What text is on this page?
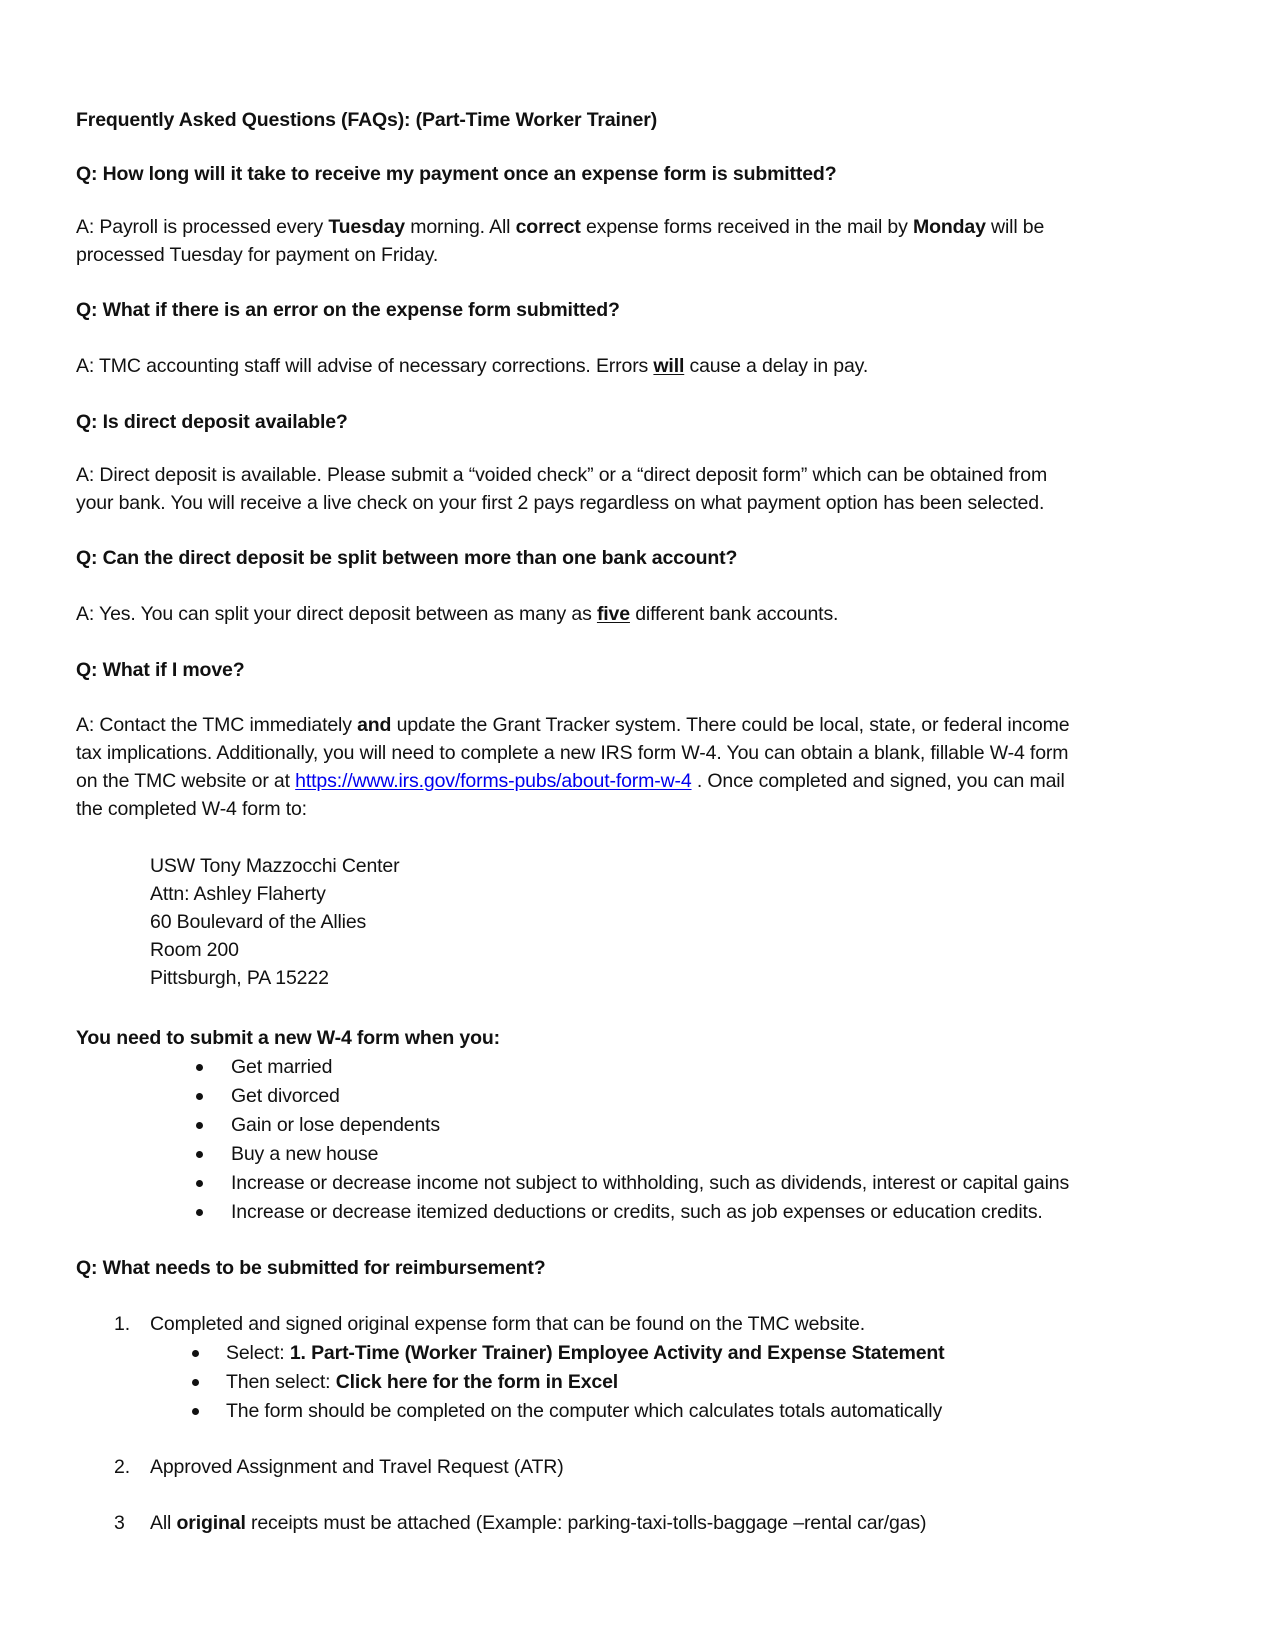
Frequently Asked Questions (FAQs): (Part-Time Worker Trainer)
Q: How long will it take to receive my payment once an expense form is submitted?
A: Payroll is processed every Tuesday morning. All correct expense forms received in the mail by Monday will be
processed Tuesday for payment on Friday.
Q: What if there is an error on the expense form submitted?
A: TMC accounting staff will advise of necessary corrections. Errors will cause a delay in pay.
Q: Is direct deposit available?
A: Direct deposit is available. Please submit a “voided check” or a “direct deposit form” which can be obtained from
your bank. You will receive a live check on your first 2 pays regardless on what payment option has been selected.
Q: Can the direct deposit be split between more than one bank account?
A: Yes. You can split your direct deposit between as many as five different bank accounts.
Q: What if I move?
A: Contact the TMC immediately and update the Grant Tracker system. There could be local, state, or federal income
tax implications. Additionally, you will need to complete a new IRS form W-4. You can obtain a blank, fillable W-4 form
on the TMC website or at https://www.irs.gov/forms-pubs/about-form-w-4 . Once completed and signed, you can mail
the completed W-4 form to:
USW Tony Mazzocchi Center
Attn: Ashley Flaherty
60 Boulevard of the Allies
Room 200
Pittsburgh, PA 15222
You need to submit a new W-4 form when you:
Get married
Get divorced
Gain or lose dependents
Buy a new house
Increase or decrease income not subject to withholding, such as dividends, interest or capital gains
Increase or decrease itemized deductions or credits, such as job expenses or education credits.
Q: What needs to be submitted for reimbursement?
1. Completed and signed original expense form that can be found on the TMC website.
Select: 1. Part-Time (Worker Trainer) Employee Activity and Expense Statement
Then select: Click here for the form in Excel
The form should be completed on the computer which calculates totals automatically
2. Approved Assignment and Travel Request (ATR)
3 All original receipts must be attached (Example: parking-taxi-tolls-baggage –rental car/gas)
